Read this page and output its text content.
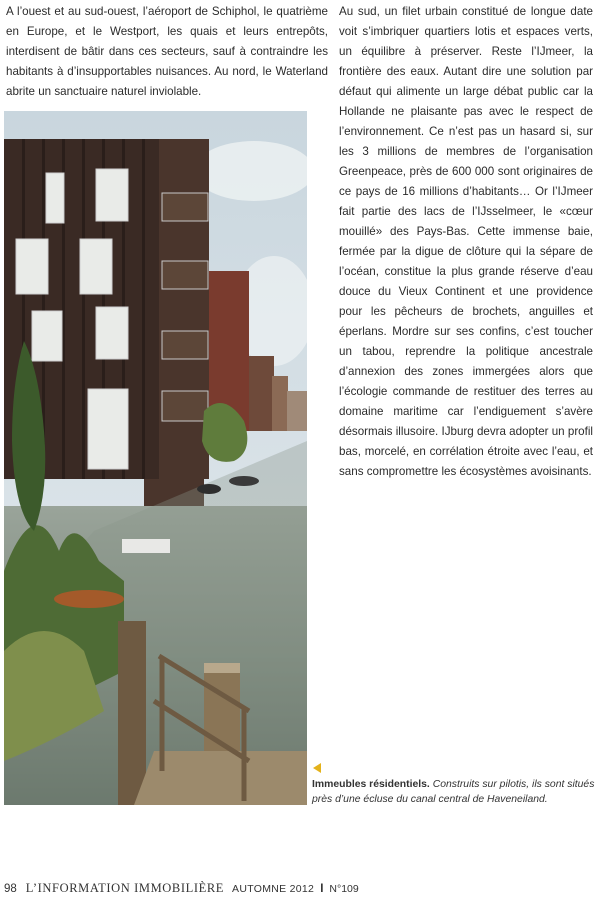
A l’ouest et au sud-ouest, l’aéroport de Schiphol, le quatrième en Europe, et le Westport, les quais et leurs entrepôts, interdisent de bâtir dans ces secteurs, sauf à contraindre les habitants à d’insupportables nuisances. Au nord, le Waterland abrite un sanctuaire naturel inviolable.
Au sud, un filet urbain constitué de longue date voit s’imbriquer quartiers lotis et espaces verts, un équilibre à préserver. Reste l’IJmeer, la frontière des eaux. Autant dire une solution par défaut qui alimente un large débat public car la Hollande ne plaisante pas avec le respect de l’environnement. Ce n’est pas un hasard si, sur les 3 millions de membres de l’organisation Greenpeace, près de 600 000 sont originaires de ce pays de 16 millions d’habitants… Or l’IJmeer fait partie des lacs de l’IJsselmeer, le «cœur mouillé» des Pays-Bas. Cette immense baie, fermée par la digue de clôture qui la sépare de l’océan, constitue la plus grande réserve d’eau douce du Vieux Continent et une providence pour les pêcheurs de brochets, anguilles et éperlans. Mordre sur ses confins, c’est toucher un tabou, reprendre la politique ancestrale d’annexion des zones immergées alors que l’écologie commande de restituer des terres au domaine maritime car l’endiguement s’avère désormais illusoire. IJburg devra adopter un profil bas, morcelé, en corrélation étroite avec l’eau, et sans compromettre les écosystèmes avoisinants.
Immeubles résidentiels. Construits sur pilotis, ils sont situés près d’une écluse du canal central de Haveneiland.
98 L’INFORMATION IMMOBILIÈRE AUTOMNE 2012 I N°109
